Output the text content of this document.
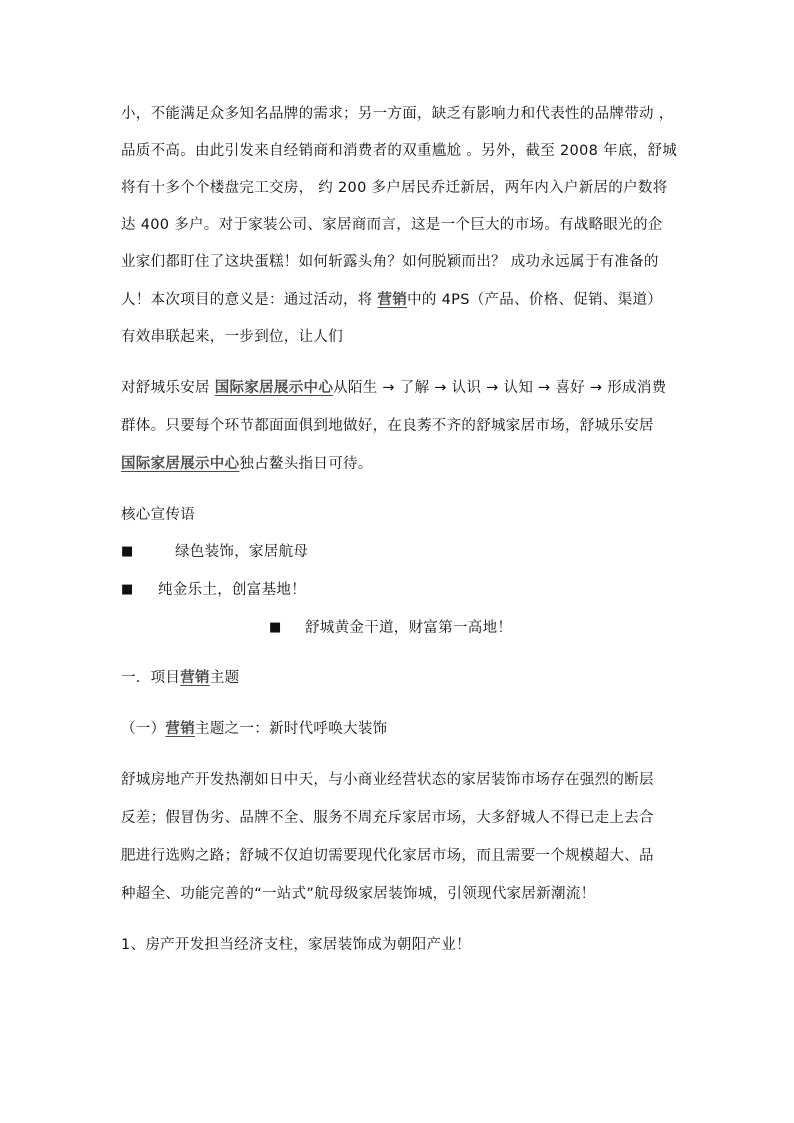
小，不能满足众多知名品牌的需求；另一方面，缺乏有影响力和代表性的品牌带动 ，
品质不高。由此引发来自经销商和消费者的双重尴尬 。另外，截至 2008 年底，舒城
将有十多个个楼盘完工交房， 约 200 多户居民乔迁新居，两年内入户新居的户数将
达 400 多户。对于家装公司、家居商而言，这是一个巨大的市场。有战略眼光的企
业家们都盯住了这块蛋糕！如何斩露头角？如何脱颖而出？ 成功永远属于有准备的
人！本次项目的意义是：通过活动，将 营销中的 4PS（产品、价格、促销、渠道）
有效串联起来，一步到位，让人们
对舒城乐安居 国际家居展示中心从陌生 → 了解 → 认识 → 认知 → 喜好 → 形成消费
群体。只要每个环节都面面俱到地做好，在良莠不齐的舒城家居市场，舒城乐安居
国际家居展示中心独占鳌头指日可待。
核心宣传语
■	绿色装饰，家居航母
■ 纯金乐土，创富基地！
■ 舒城黄金干道，财富第一高地！
一．项目营销主题
（一）营销主题之一：新时代呼唤大装饰
舒城房地产开发热潮如日中天，与小商业经营状态的家居装饰市场存在强烈的断层
反差；假冒伪劣、品牌不全、服务不周充斥家居市场，大多舒城人不得已走上去合
肥进行选购之路；舒城不仅迫切需要现代化家居市场，而且需要一个规模超大、品
种超全、功能完善的“一站式”航母级家居装饰城，引领现代家居新潮流！
1、房产开发担当经济支柱，家居装饰成为朝阳产业！
